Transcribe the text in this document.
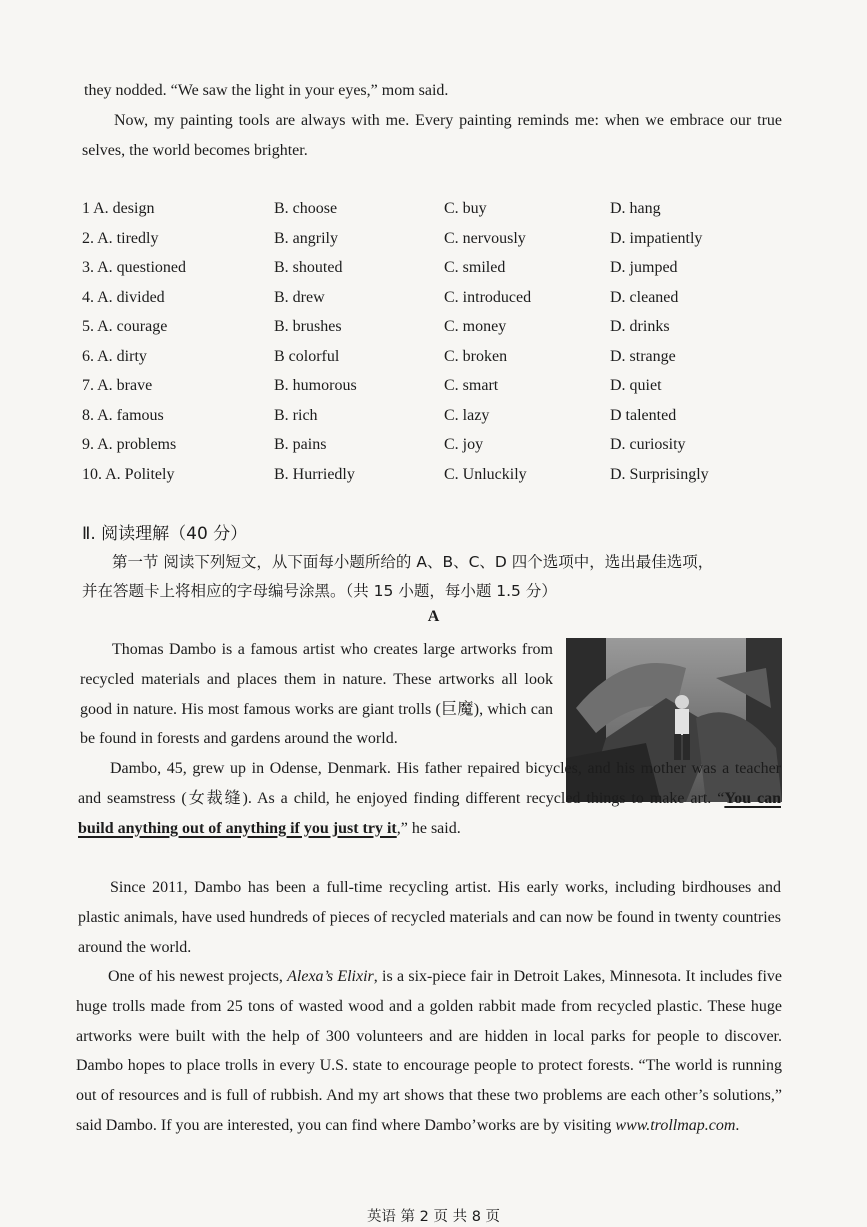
they nodded. “We saw the light in your eyes,” mom said.

Now, my painting tools are always with me. Every painting reminds me: when we embrace our true selves, the world becomes brighter.

1 A. design	B. choose	C. buy	D. hang
2. A. tiredly	B. angrily	C. nervously	D. impatiently
3. A. questioned	B. shouted	C. smiled	D. jumped
4. A. divided	B. drew	C. introduced	D. cleaned
5. A. courage	B. brushes	C. money	D. drinks
6. A. dirty	B colorful	C. broken	D. strange
7. A. brave	B. humorous	C. smart	D. quiet
8. A. famous	B. rich	C. lazy	D talented
9. A. problems	B. pains	C. joy	D. curiosity
10. A. Politely	B. Hurriedly	C. Unluckily	D. Surprisingly
Ⅱ. 阅读理解（40 分）

第一节 阅读下列短文，从下面每小题所给的 A、B、C、D 四个选项中，选出最佳选项，

并在答题卡上将相应的字母编号涂黑。（共 15 小题，每小题 1.5 分）

A

Thomas Dambo is a famous artist who creates large artworks from recycled materials and places them in nature. These artworks all look good in nature. His most famous works are giant trolls (巨魔), which can be found in forests and gardens around the world.

Dambo, 45, grew up in Odense, Denmark. His father repaired bicycles, and his mother was a teacher and seamstress (女裁缝). As a child, he enjoyed finding different recycled things to make art. “You can build anything out of anything if you just try it,” he said.

Since 2011, Dambo has been a full-time recycling artist. His early works, including birdhouses and plastic animals, have used hundreds of pieces of recycled materials and can now be found in twenty countries around the world.

One of his newest projects, Alexa’s Elixir, is a six-piece fair in Detroit Lakes, Minnesota. It includes five huge trolls made from 25 tons of wasted wood and a golden rabbit made from recycled plastic. These huge artworks were built with the help of 300 volunteers and are hidden in local parks for people to discover. Dambo hopes to place trolls in every U.S. state to encourage people to protect forests. “The world is running out of resources and is full of rubbish. And my art shows that these two problems are each other’s solutions,” said Dambo. If you are interested, you can find where Dambo’works are by visiting www.trollmap.com.

英语 第 2 页 共 8 页
